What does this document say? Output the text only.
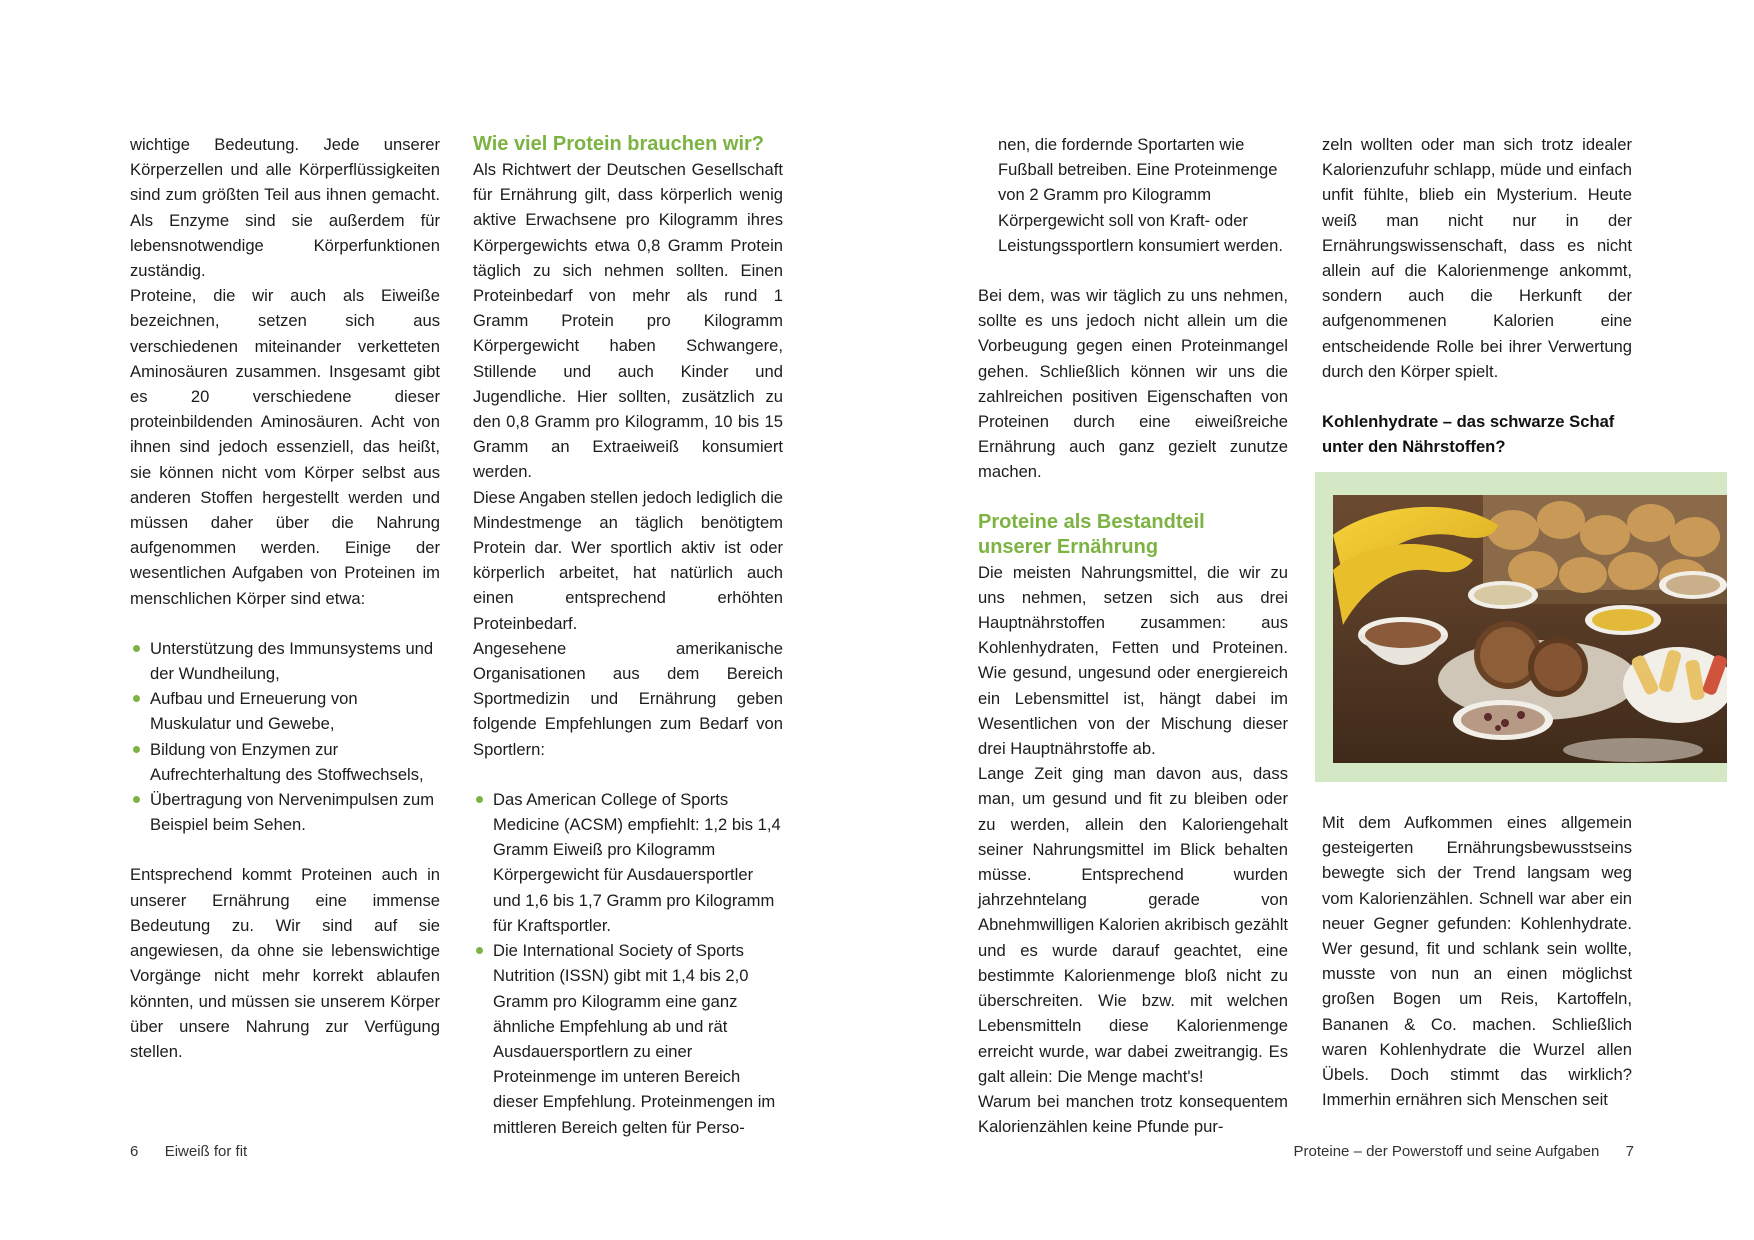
wichtige Bedeutung. Jede unserer Körperzellen und alle Körperflüssigkeiten sind zum größten Teil aus ihnen gemacht. Als Enzyme sind sie außerdem für lebensnotwendige Körperfunktionen zuständig.

Proteine, die wir auch als Eiweiße bezeichnen, setzen sich aus verschiedenen miteinander verketteten Aminosäuren zusammen. Insgesamt gibt es 20 verschiedene dieser proteinbildenden Aminosäuren. Acht von ihnen sind jedoch essenziell, das heißt, sie können nicht vom Körper selbst aus anderen Stoffen hergestellt werden und müssen daher über die Nahrung aufgenommen werden. Einige der wesentlichen Aufgaben von Proteinen im menschlichen Körper sind etwa:

Unterstützung des Immunsystems und der Wundheilung,
Aufbau und Erneuerung von Muskulatur und Gewebe,
Bildung von Enzymen zur Aufrechterhaltung des Stoffwechsels,
Übertragung von Nervenimpulsen zum Beispiel beim Sehen.

Entsprechend kommt Proteinen auch in unserer Ernährung eine immense Bedeutung zu. Wir sind auf sie angewiesen, da ohne sie lebenswichtige Vorgänge nicht mehr korrekt ablaufen könnten, und müssen sie unserem Körper über unsere Nahrung zur Verfügung stellen.

Wie viel Protein brauchen wir?

Als Richtwert der Deutschen Gesellschaft für Ernährung gilt, dass körperlich wenig aktive Erwachsene pro Kilogramm ihres Körpergewichts etwa 0,8 Gramm Protein täglich zu sich nehmen sollten. Einen Proteinbedarf von mehr als rund 1 Gramm Protein pro Kilogramm Körpergewicht haben Schwangere, Stillende und auch Kinder und Jugendliche. Hier sollten, zusätzlich zu den 0,8 Gramm pro Kilogramm, 10 bis 15 Gramm an Extraeiweiß konsumiert werden.

Diese Angaben stellen jedoch lediglich die Mindestmenge an täglich benötigtem Protein dar. Wer sportlich aktiv ist oder körperlich arbeitet, hat natürlich auch einen entsprechend erhöhten Proteinbedarf.

Angesehene amerikanische Organisationen aus dem Bereich Sportmedizin und Ernährung geben folgende Empfehlungen zum Bedarf von Sportlern:

Das American College of Sports Medicine (ACSM) empfiehlt: 1,2 bis 1,4 Gramm Eiweiß pro Kilogramm Körpergewicht für Ausdauersportler und 1,6 bis 1,7 Gramm pro Kilogramm für Kraftsportler.
Die International Society of Sports Nutrition (ISSN) gibt mit 1,4 bis 2,0 Gramm pro Kilogramm eine ganz ähnliche Empfehlung ab und rät Ausdauersportlern zu einer Proteinmenge im unteren Bereich dieser Empfehlung. Proteinmengen im mittleren Bereich gelten für Perso-

nen, die fordernde Sportarten wie Fußball betreiben. Eine Proteinmenge von 2 Gramm pro Kilogramm Körpergewicht soll von Kraft- oder Leistungssportlern konsumiert werden.

Bei dem, was wir täglich zu uns nehmen, sollte es uns jedoch nicht allein um die Vorbeugung gegen einen Proteinmangel gehen. Schließlich können wir uns die zahlreichen positiven Eigenschaften von Proteinen durch eine eiweißreiche Ernährung auch ganz gezielt zunutze machen.

Proteine als Bestandteil
unserer Ernährung

Die meisten Nahrungsmittel, die wir zu uns nehmen, setzen sich aus drei Hauptnährstoffen zusammen: aus Kohlenhydraten, Fetten und Proteinen. Wie gesund, ungesund oder energiereich ein Lebensmittel ist, hängt dabei im Wesentlichen von der Mischung dieser drei Hauptnährstoffe ab.

Lange Zeit ging man davon aus, dass man, um gesund und fit zu bleiben oder zu werden, allein den Kaloriengehalt seiner Nahrungsmittel im Blick behalten müsse. Entsprechend wurden jahrzehntelang gerade von Abnehmwilligen Kalorien akribisch gezählt und es wurde darauf geachtet, eine bestimmte Kalorienmenge bloß nicht zu überschreiten. Wie bzw. mit welchen Lebensmitteln diese Kalorienmenge erreicht wurde, war dabei zweitrangig. Es galt allein: Die Menge macht's!

Warum bei manchen trotz konsequentem Kalorienzählen keine Pfunde pur-

zeln wollten oder man sich trotz idealer Kalorienzufuhr schlapp, müde und einfach unfit fühlte, blieb ein Mysterium. Heute weiß man nicht nur in der Ernährungswissenschaft, dass es nicht allein auf die Kalorienmenge ankommt, sondern auch die Herkunft der aufgenommenen Kalorien eine entscheidende Rolle bei ihrer Verwertung durch den Körper spielt.

Kohlenhydrate – das schwarze Schaf
unter den Nährstoffen?

Mit dem Aufkommen eines allgemein gesteigerten Ernährungsbewusstseins bewegte sich der Trend langsam weg vom Kalorienzählen. Schnell war aber ein neuer Gegner gefunden: Kohlenhydrate. Wer gesund, fit und schlank sein wollte, musste von nun an einen möglichst großen Bogen um Reis, Kartoffeln, Bananen & Co. machen. Schließlich waren Kohlenhydrate die Wurzel allen Übels. Doch stimmt das wirklich? Immerhin ernähren sich Menschen seit

6 Eiweiß for fit	Proteine – der Powerstoff und seine Aufgaben 7
